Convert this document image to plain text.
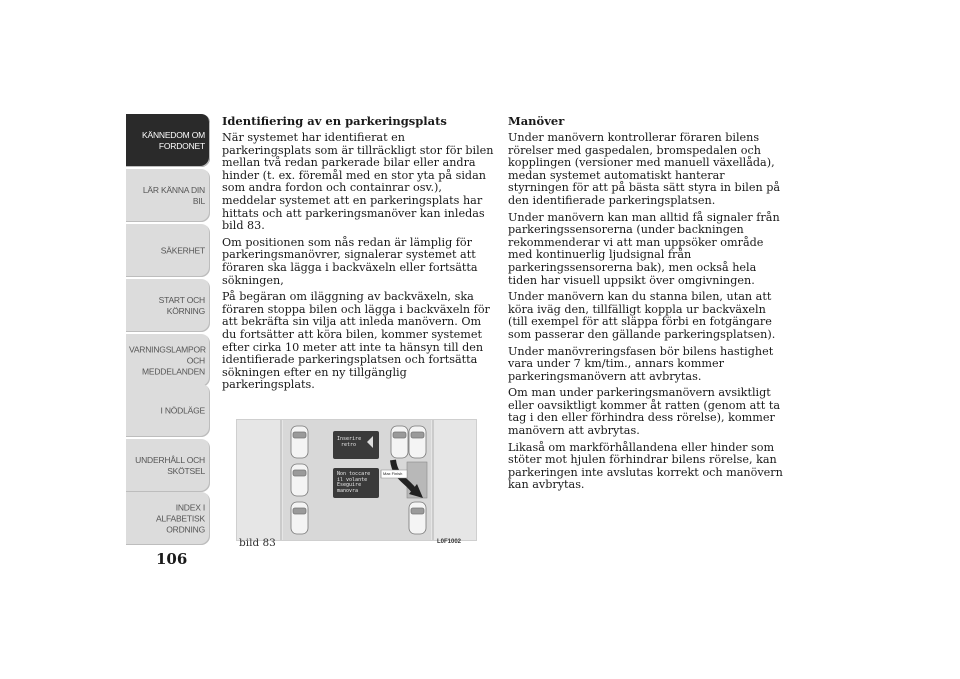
KÄNNEDOM OM
FORDONET
LÄR KÄNNA DIN
BIL
SÄKERHET
START OCH
KÖRNING
VARNINGSLAMPOR
OCH
MEDDELANDEN
I NÖDLÄGE
UNDERHÅLL OCH
SKÖTSEL
INDEX I
ALFABETISK
ORDNING
106
Identifiering av en parkeringsplats

När systemet har identifierat en parkeringsplats som är tillräckligt stor för bilen mellan två redan parkerade bilar eller andra hinder (t. ex. föremål med en stor yta på sidan som andra fordon och containrar osv.), meddelar systemet att en parkeringsplats har hittats och att parkeringsmanöver kan inledas bild 83.

Om positionen som nås redan är lämplig för parkeringsmanövrer, signalerar systemet att föraren ska lägga i backväxeln eller fortsätta sökningen,

På begäran om iläggning av backväxeln, ska föraren stoppa bilen och lägga i backväxeln för att bekräfta sin vilja att inleda manövern. Om du fortsätter att köra bilen, kommer systemet efter cirka 10 meter att inte ta hänsyn till den identifierade parkeringsplatsen och fortsätta sökningen efter en ny tillgänglig parkeringsplats.

Manöver

Under manövern kontrollerar föraren bilens rörelser med gaspedalen, bromspedalen och kopplingen (versioner med manuell växellåda), medan systemet automatiskt hanterar styrningen för att på bästa sätt styra in bilen på den identifierade parkeringsplatsen.

Under manövern kan man alltid få signaler från parkeringssensorerna (under backningen rekommenderar vi att man uppsöker område med kontinuerlig ljudsignal från parkeringssensorerna bak), men också hela tiden har visuell uppsikt över omgivningen.

Under manövern kan du stanna bilen, utan att köra iväg den, tillfälligt koppla ur backväxeln (till exempel för att släppa förbi en fotgängare som passerar den gällande parkeringsplatsen).

Under manövreringsfasen bör bilens hastighet vara under 7 km/tim., annars kommer parkeringsmanövern att avbrytas.

Om man under parkeringsmanövern avsiktligt eller oavsiktligt kommer åt ratten (genom att ta tag i den eller förhindra dess rörelse), kommer manövern att avbrytas.

Likaså om markförhållandena eller hinder som stöter mot hjulen förhindrar bilens rörelse, kan parkeringen inte avslutas korrekt och manövern kan avbrytas.

Inserire
retro
Non toccare
il volante
Eseguire
manovra
Max Finish
bild 83	L0F1002
